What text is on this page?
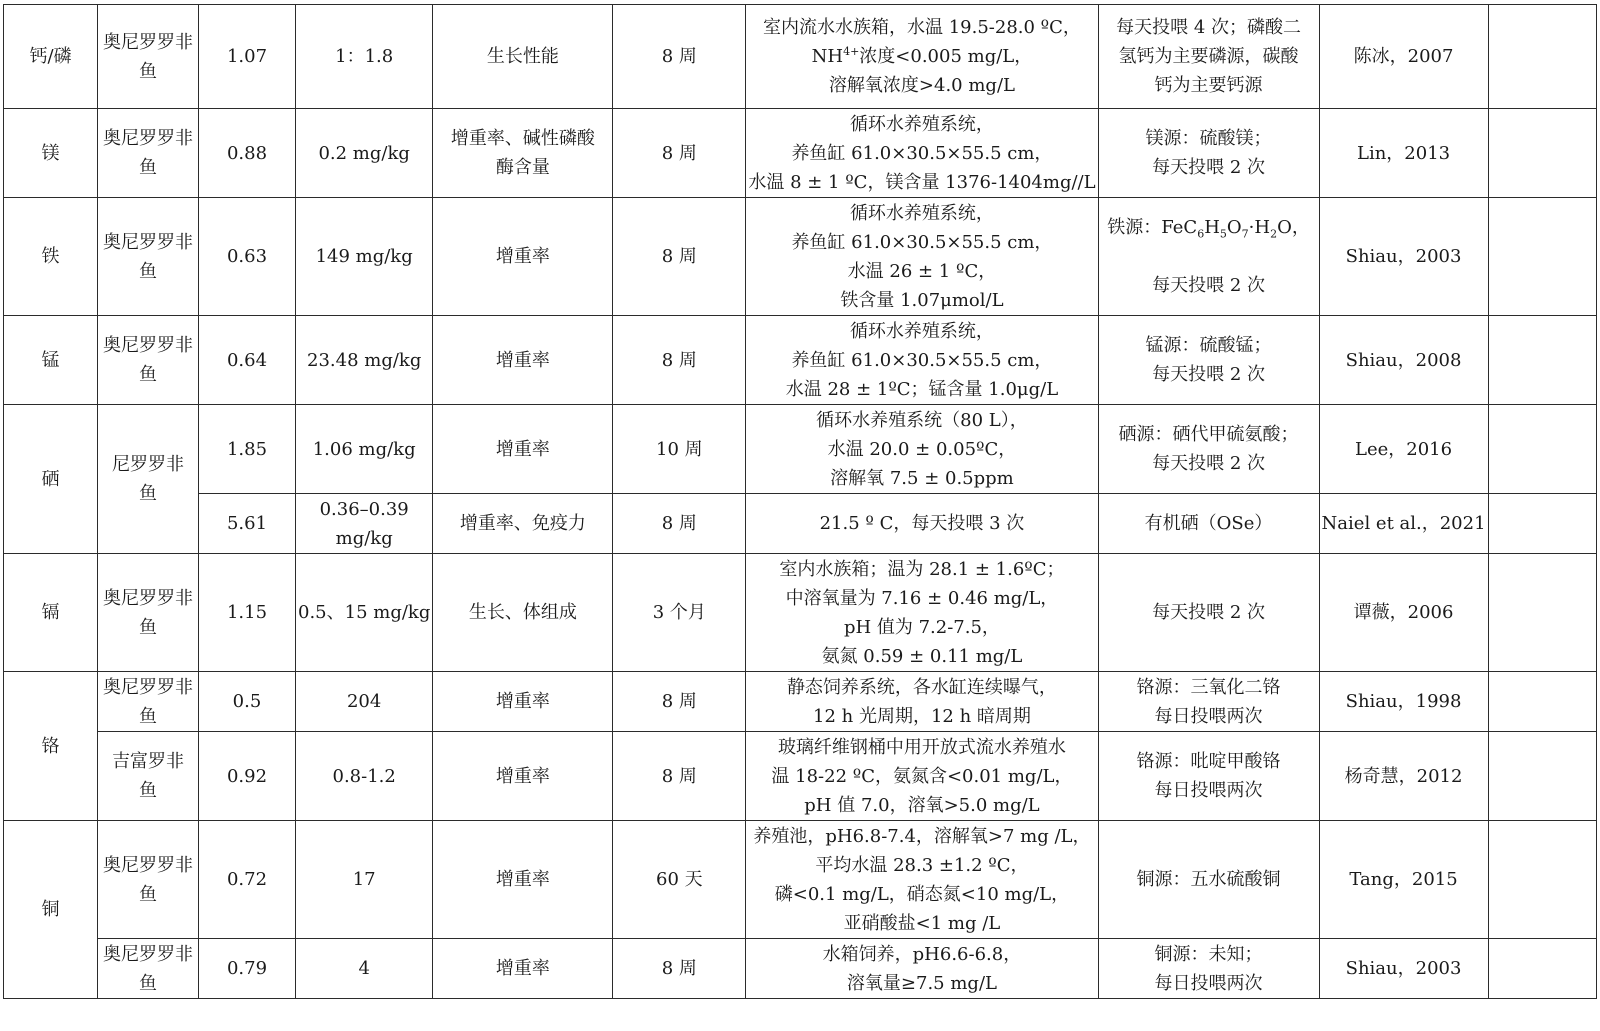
钙/磷	奥尼罗罗非
鱼	1.07	1：1.8	生长性能	8 周	室内流水水族箱，水温 19.5-28.0 ºC，
$NH^{4+}$浓度<0.005 mg/L，
溶解氧浓度>4.0 mg/L	每天投喂 4 次；磷酸二
氢钙为主要磷源，碳酸
钙为主要钙源	陈冰，2007	

镁	奥尼罗罗非
鱼	0.88	0.2 mg/kg	增重率、碱性磷酸
酶含量	8 周	循环水养殖系统，
养鱼缸 61.0×30.5×55.5 cm，
水温 8 ± 1 ºC，镁含量 1376-1404mg//L	镁源：硫酸镁；
每天投喂 2 次	Lin，2013	

铁	奥尼罗罗非
鱼	0.63	149 mg/kg	增重率	8 周	循环水养殖系统，
养鱼缸 61.0×30.5×55.5 cm，
水温 26 ± 1 ºC，
铁含量 1.07μmol/L	铁源：$FeC_6H_5O_7\cdot H_2O$，

每天投喂 2 次	Shiau，2003	

锰	奥尼罗罗非
鱼	0.64	23.48 mg/kg	增重率	8 周	循环水养殖系统，
养鱼缸 61.0×30.5×55.5 cm，
水温 28 ± 1ºC；锰含量 1.0μg/L	锰源：硫酸锰；
每天投喂 2 次	Shiau，2008	

硒	尼罗罗非
鱼	1.85	1.06 mg/kg	增重率	10 周	循环水养殖系统（80 L），
水温 20.0 ± 0.05ºC，
溶解氧 7.5 ± 0.5ppm	硒源：硒代甲硫氨酸；
每天投喂 2 次	Lee，2016	

		5.61	0.36–0.39
mg/kg	增重率、免疫力	8 周	21.5 º C，每天投喂 3 次	有机硒（OSe）	Naiel et al.，2021	

镉	奥尼罗罗非
鱼	1.15	0.5、15 mg/kg	生长、体组成	3 个月	室内水族箱；温为 28.1 ± 1.6ºC；
中溶氧量为 7.16 ± 0.46 mg/L，
pH 值为 7.2-7.5，
氨氮 0.59 ± 0.11 mg/L	每天投喂 2 次	谭薇，2006	

铬	奥尼罗罗非
鱼	0.5	204	增重率	8 周	静态饲养系统，各水缸连续曝气，
12 h 光周期，12 h 暗周期	铬源：三氧化二铬
每日投喂两次	Shiau，1998	

	吉富罗非
鱼	0.92	0.8-1.2	增重率	8 周	玻璃纤维钢桶中用开放式流水养殖水
温 18-22 ºC，氨氮含<0.01 mg/L，
pH 值 7.0，溶氧>5.0 mg/L	铬源：吡啶甲酸铬
每日投喂两次	杨奇慧，2012	

铜	奥尼罗罗非
鱼	0.72	17	增重率	60 天	养殖池，pH6.8-7.4，溶解氧>7 mg /L，
平均水温 28.3 ±1.2 ºC，
磷<0.1 mg/L，硝态氮<10 mg/L，
亚硝酸盐<1 mg /L	铜源：五水硫酸铜	Tang，2015	

	奥尼罗罗非
鱼	0.79	4	增重率	8 周	水箱饲养，pH6.6-6.8，
溶氧量≥7.5 mg/L	铜源：未知；
每日投喂两次	Shiau，2003	
